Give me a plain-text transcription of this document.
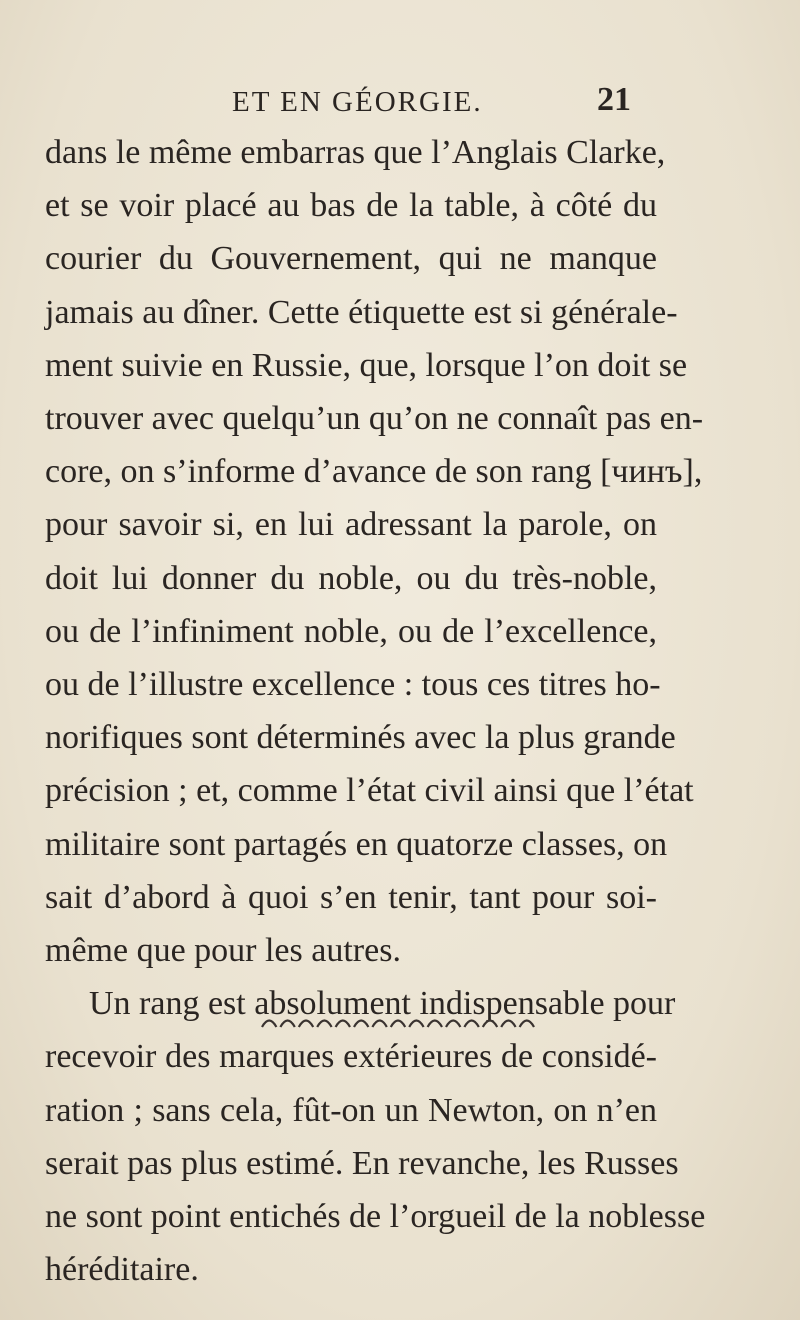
ET EN GÉORGIE.	21
dans le même embarras que l’Anglais Clarke,
et se voir placé au bas de la table, à côté du
courier du Gouvernement, qui ne manque
jamais au dîner. Cette étiquette est si générale-
ment suivie en Russie, que, lorsque l’on doit se
trouver avec quelqu’un qu’on ne connaît pas en-
core, on s’informe d’avance de son rang [чинъ],
pour savoir si, en lui adressant la parole, on
doit lui donner du noble, ou du très-noble,
ou de l’infiniment noble, ou de l’excellence,
ou de l’illustre excellence : tous ces titres ho-
norifiques sont déterminés avec la plus grande
précision ; et, comme l’état civil ainsi que l’état
militaire sont partagés en quatorze classes, on
sait d’abord à quoi s’en tenir, tant pour soi-
même que pour les autres.
Un rang est absolument indispensable pour
recevoir des marques extérieures de considé-
ration ; sans cela, fût-on un Newton, on n’en
serait pas plus estimé. En revanche, les Russes
ne sont point entichés de l’orgueil de la noblesse
héréditaire.
